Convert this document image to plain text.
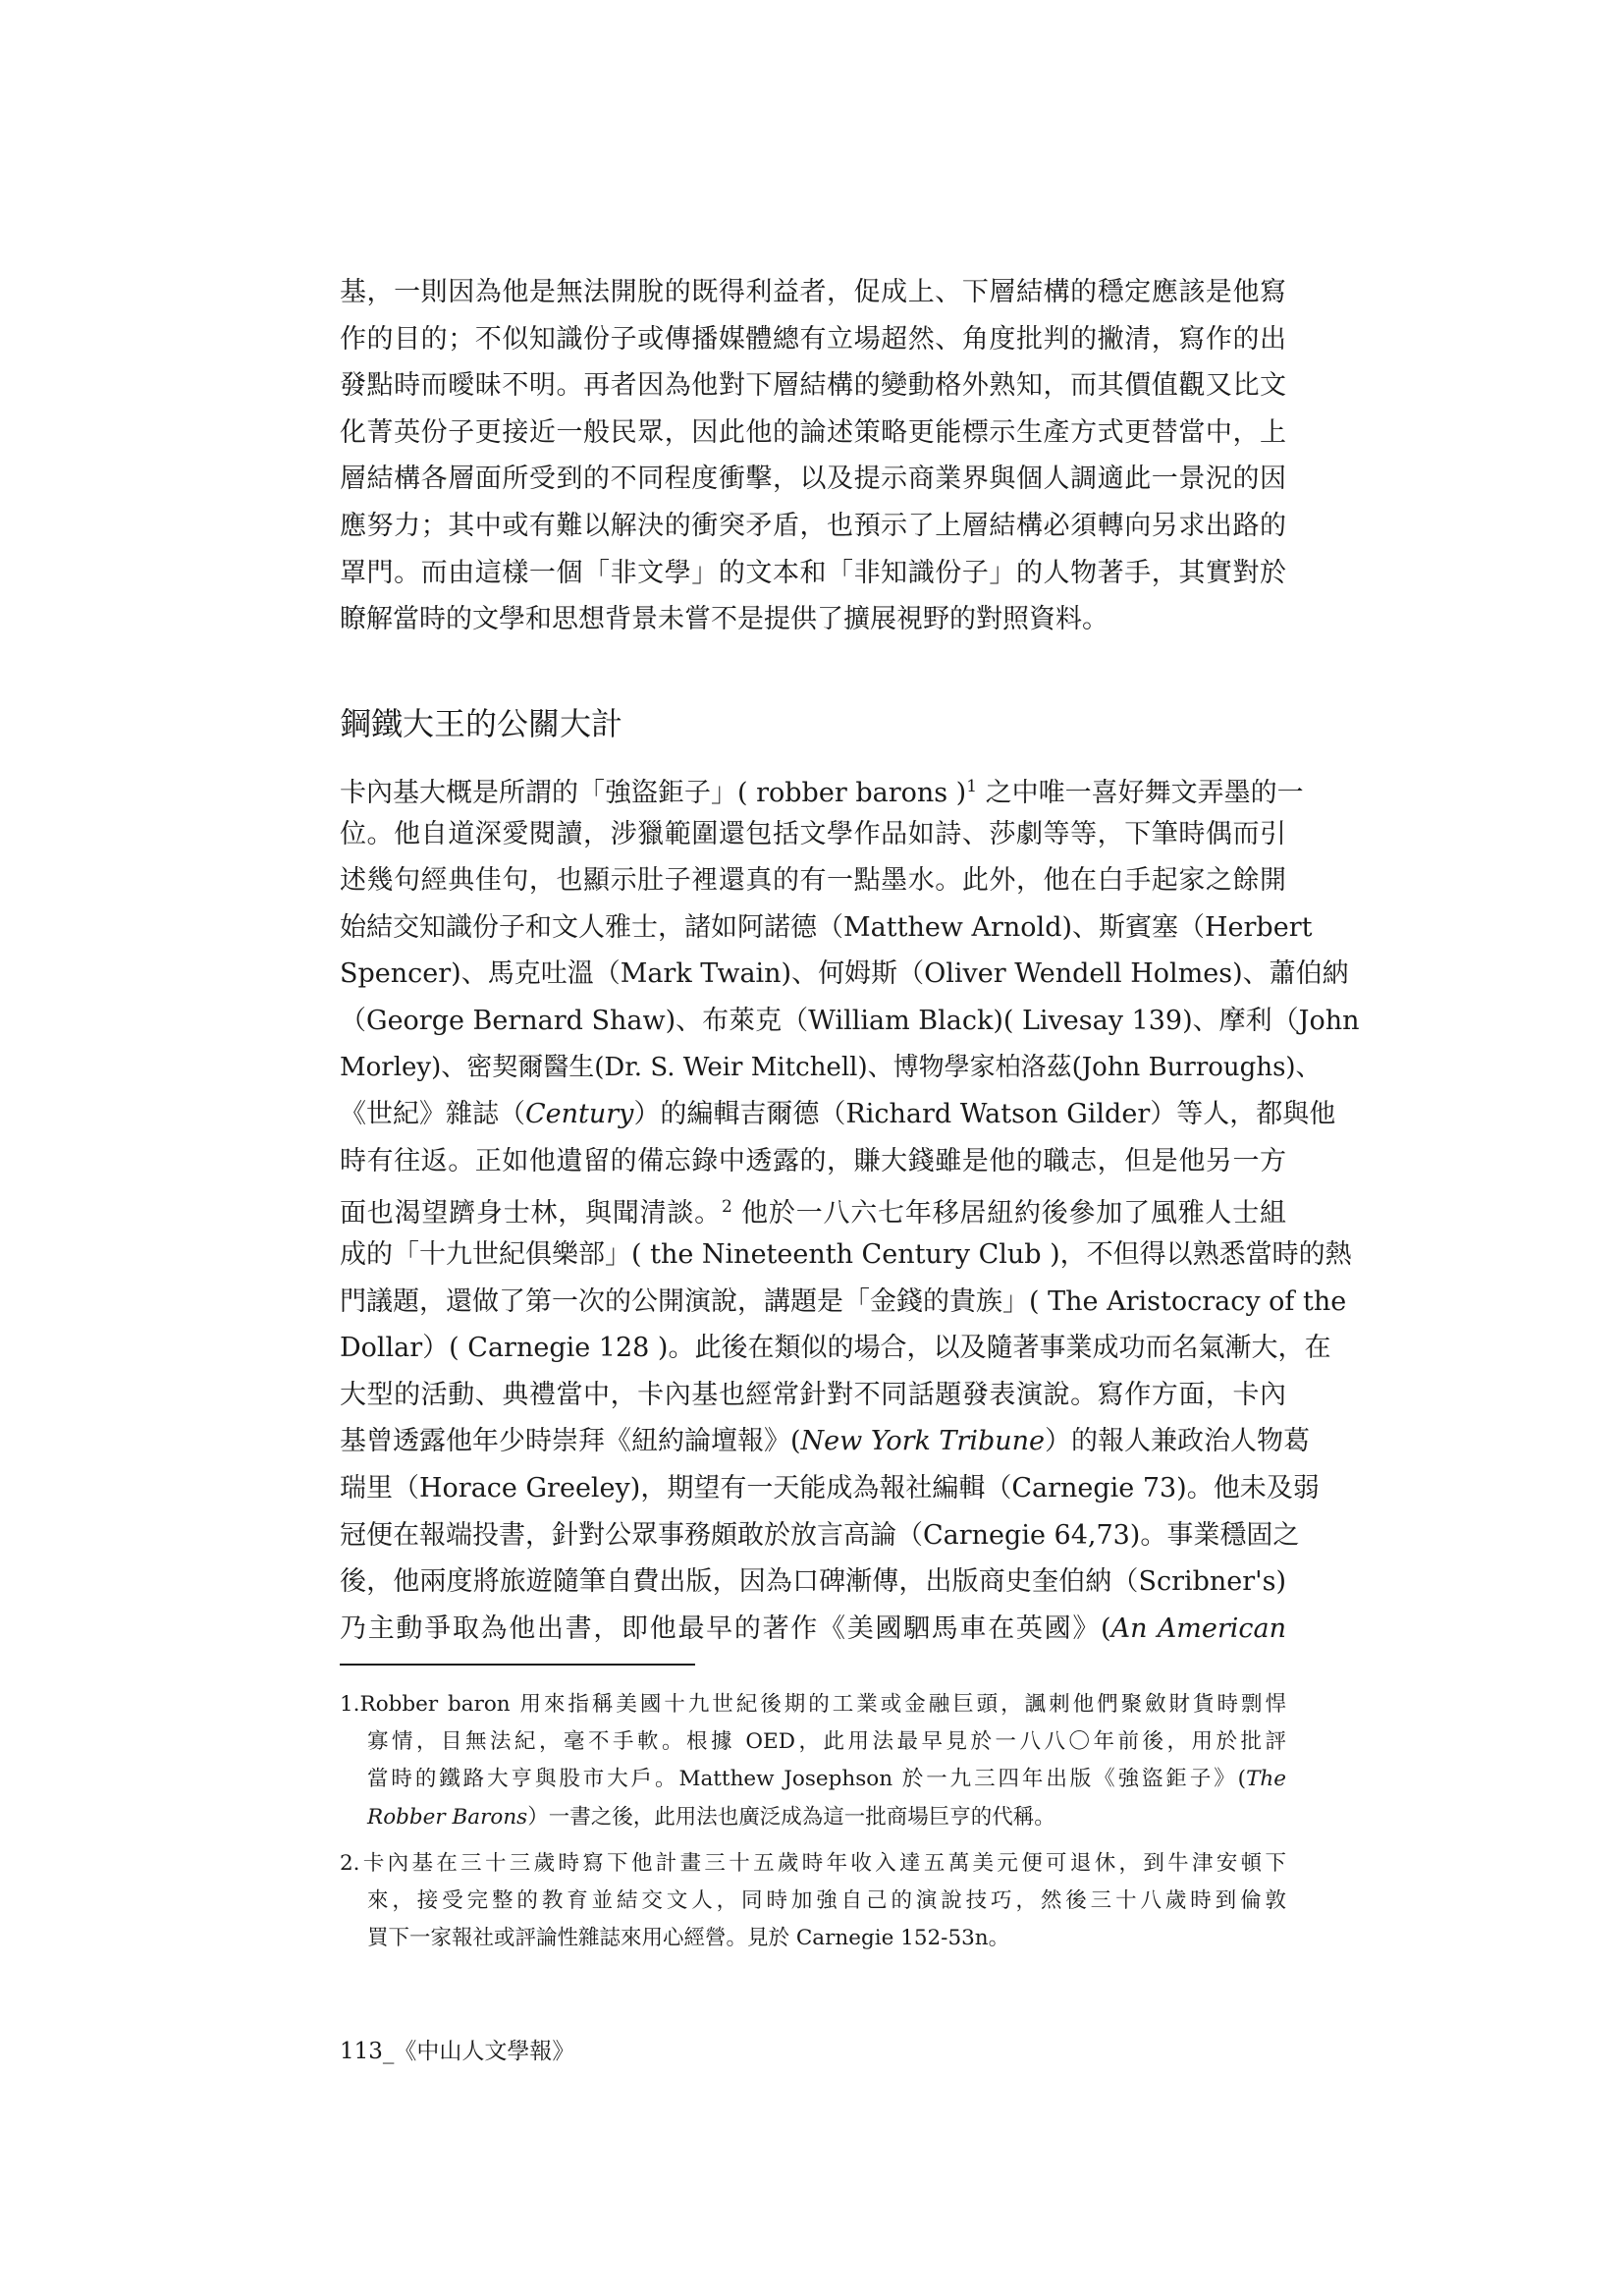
基，一則因為他是無法開脫的既得利益者，促成上、下層結構的穩定應該是他寫
作的目的；不似知識份子或傳播媒體總有立場超然、角度批判的撇清，寫作的出
發點時而曖昧不明。再者因為他對下層結構的變動格外熟知，而其價值觀又比文
化菁英份子更接近一般民眾，因此他的論述策略更能標示生產方式更替當中，上
層結構各層面所受到的不同程度衝擊，以及提示商業界與個人調適此一景況的因
應努力；其中或有難以解決的衝突矛盾，也預示了上層結構必須轉向另求出路的
罩門。而由這樣一個「非文學」的文本和「非知識份子」的人物著手，其實對於
瞭解當時的文學和思想背景未嘗不是提供了擴展視野的對照資料。
鋼鐵大王的公關大計
卡內基大概是所謂的「強盜鉅子」( robber barons )$^1$ 之中唯一喜好舞文弄墨的一
位。他自道深愛閱讀，涉獵範圍還包括文學作品如詩、莎劇等等，下筆時偶而引
述幾句經典佳句，也顯示肚子裡還真的有一點墨水。此外，他在白手起家之餘開
始結交知識份子和文人雅士，諸如阿諾德（Matthew Arnold)、斯賓塞（Herbert
Spencer)、馬克吐溫（Mark Twain)、何姆斯（Oliver Wendell Holmes)、蕭伯納
（George Bernard Shaw)、布萊克（William Black)( Livesay 139)、摩利（John
Morley)、密契爾醫生(Dr. S. Weir Mitchell)、博物學家柏洛茲(John Burroughs)、
《世紀》雜誌（Century）的編輯吉爾德（Richard Watson Gilder）等人，都與他
時有往返。正如他遺留的備忘錄中透露的，賺大錢雖是他的職志，但是他另一方
面也渴望躋身士林，與聞清談。$^2$ 他於一八六七年移居紐約後參加了風雅人士組
成的「十九世紀俱樂部」( the Nineteenth Century Club )，不但得以熟悉當時的熱
門議題，還做了第一次的公開演說，講題是「金錢的貴族」( The Aristocracy of the
Dollar）( Carnegie 128 )。此後在類似的場合，以及隨著事業成功而名氣漸大，在
大型的活動、典禮當中，卡內基也經常針對不同話題發表演說。寫作方面，卡內
基曾透露他年少時崇拜《紐約論壇報》(New York Tribune）的報人兼政治人物葛
瑞里（Horace Greeley)，期望有一天能成為報社編輯（Carnegie 73)。他未及弱
冠便在報端投書，針對公眾事務頗敢於放言高論（Carnegie 64,73)。事業穩固之
後，他兩度將旅遊隨筆自費出版，因為口碑漸傳，出版商史奎伯納（Scribner's)
乃主動爭取為他出書，即他最早的著作《美國駟馬車在英國》(An American
1.Robber baron 用來指稱美國十九世紀後期的工業或金融巨頭，諷刺他們聚斂財貨時剽悍
寡情，目無法紀，毫不手軟。根據 OED，此用法最早見於一八八〇年前後，用於批評
當時的鐵路大亨與股市大戶。Matthew Josephson 於一九三四年出版《強盜鉅子》(The
Robber Barons）一書之後，此用法也廣泛成為這一批商場巨亨的代稱。
2.卡內基在三十三歲時寫下他計畫三十五歲時年收入達五萬美元便可退休，到牛津安頓下
來，接受完整的教育並結交文人，同時加強自己的演說技巧，然後三十八歲時到倫敦
買下一家報社或評論性雜誌來用心經營。見於 Carnegie 152-53n。
113_《中山人文學報》
